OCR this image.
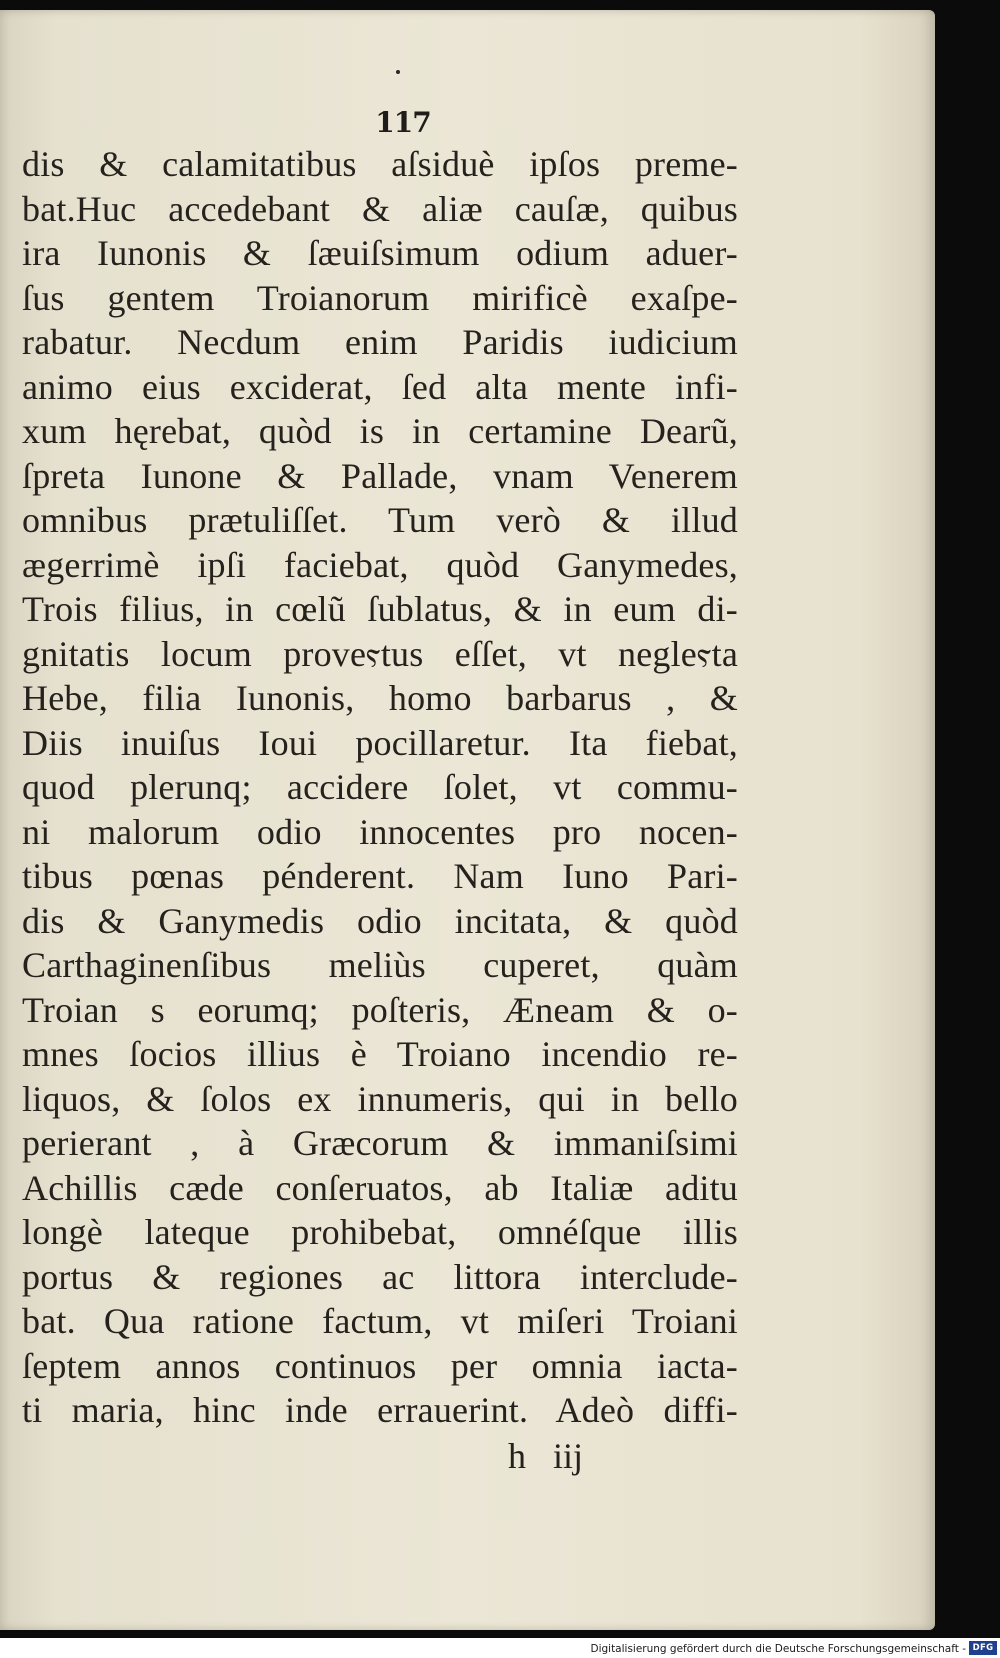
117
dis & calamitatibus aſsiduè ipſos preme-
bat.Huc accedebant & aliæ cauſæ, quibus
ira Iunonis & ſæuiſsimum odium aduer-
ſus gentem Troianorum mirificè exaſpe-
rabatur. Necdum enim Paridis iudicium
animo eius exciderat, ſed alta mente infi-
xum hęrebat, quòd is in certamine Dearũ,
ſpreta Iunone & Pallade, vnam Venerem
omnibus prætuliſſet. Tum verò & illud
ægerrimè ipſi faciebat, quòd Ganymedes,
Trois filius, in cœlũ ſublatus, & in eum di-
gnitatis locum proveⲋtus eſſet, vt negleⲋta
Hebe, filia Iunonis, homo barbarus , &
Diis inuiſus Ioui pocillaretur. Ita fiebat,
quod plerunq; accidere ſolet, vt commu-
ni malorum odio innocentes pro nocen-
tibus pœnas pénderent. Nam Iuno Pari-
dis & Ganymedis odio incitata, & quòd
Carthaginenſibus meliùs cuperet, quàm
Troian s eorumq; poſteris, Æneam & o-
mnes ſocios illius è Troiano incendio re-
liquos, & ſolos ex innumeris, qui in bello
perierant , à Græcorum & immaniſsimi
Achillis cæde conſeruatos, ab Italiæ aditu
longè lateque prohibebat, omnéſque illis
portus & regiones ac littora interclude-
bat. Qua ratione factum, vt miſeri Troiani
ſeptem annos continuos per omnia iacta-
ti maria, hinc inde errauerint. Adeò diffi-
h   iij
Digitalisierung gefördert durch die Deutsche Forschungsgemeinschaft - DFG
